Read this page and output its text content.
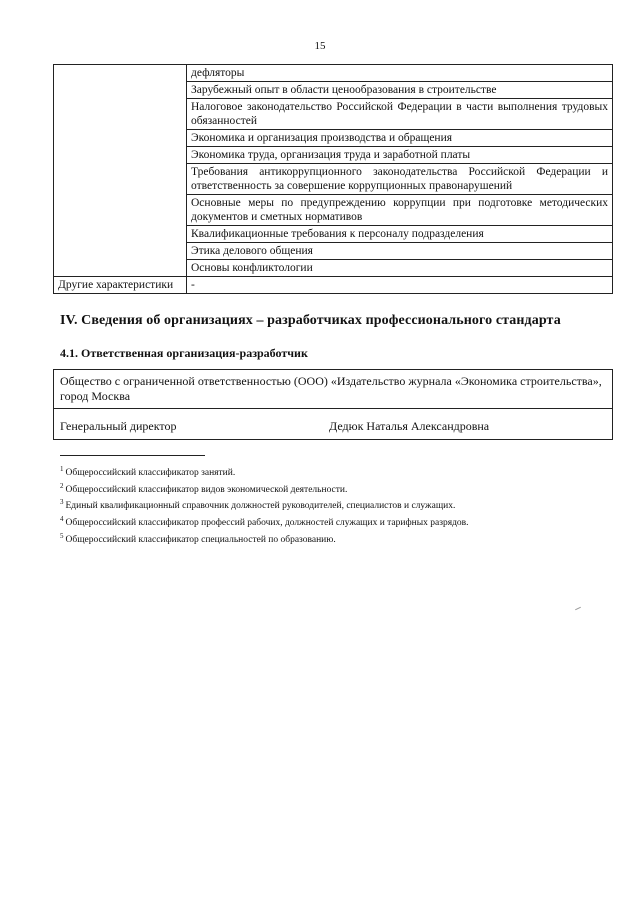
15
	дефляторы
	Зарубежный опыт в области ценообразования в строительстве
	Налоговое законодательство Российской Федерации в части выполнения трудовых обязанностей
	Экономика и организация производства и обращения
	Экономика труда, организация труда и заработной платы
	Требования антикоррупционного законодательства Российской Федерации и ответственность за совершение коррупционных правонарушений
	Основные меры по предупреждению коррупции при подготовке методических документов и сметных нормативов
	Квалификационные требования к персоналу подразделения
	Этика делового общения
	Основы конфликтологии
Другие характеристики	-
IV. Сведения об организациях – разработчиках профессионального стандарта
4.1. Ответственная организация-разработчик
Общество с ограниченной ответственностью (ООО) «Издательство журнала «Экономика строительства», город Москва

Генеральный директор	Дедюк Наталья Александровна
$^1$ Общероссийский классификатор занятий.
$^2$ Общероссийский классификатор видов экономической деятельности.
$^3$ Единый квалификационный справочник должностей руководителей, специалистов и служащих.
$^4$ Общероссийский классификатор профессий рабочих, должностей служащих и тарифных разрядов.
$^5$ Общероссийский классификатор специальностей по образованию.
